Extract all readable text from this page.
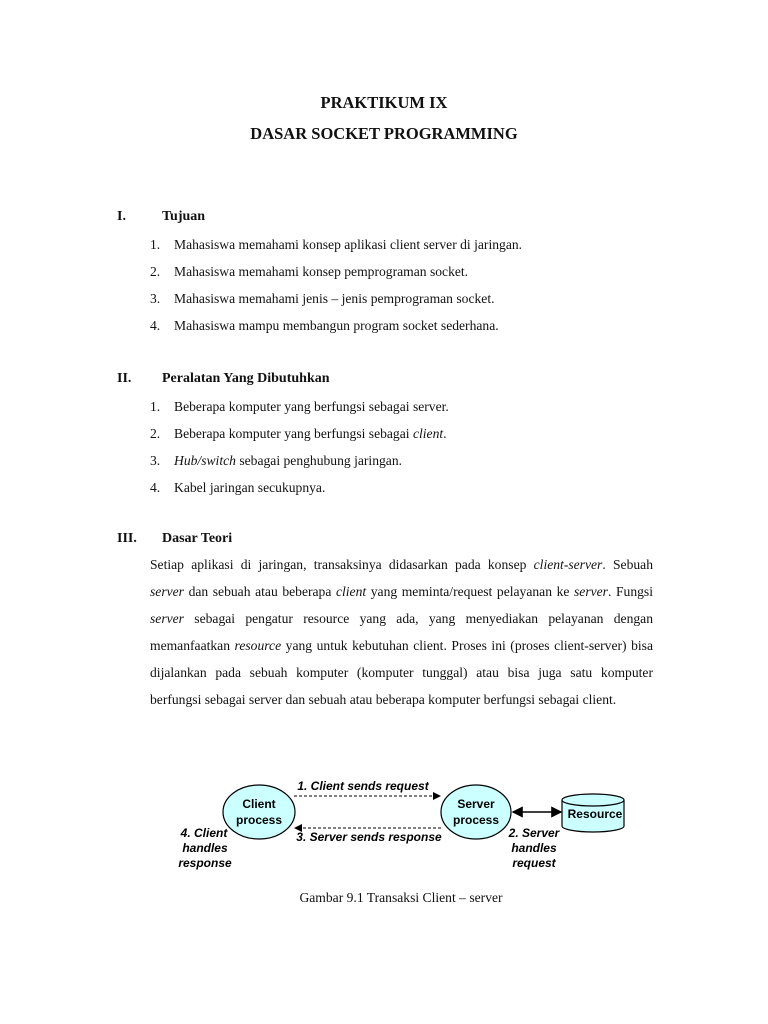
PRAKTIKUM IX
DASAR SOCKET PROGRAMMING
I.	Tujuan
1. Mahasiswa memahami konsep aplikasi client server di jaringan.
2. Mahasiswa memahami konsep pemprograman socket.
3. Mahasiswa memahami jenis – jenis pemprograman socket.
4. Mahasiswa mampu membangun program socket sederhana.
II. Peralatan Yang Dibutuhkan
1. Beberapa komputer yang berfungsi sebagai server.
2. Beberapa komputer yang berfungsi sebagai client.
3. Hub/switch sebagai penghubung jaringan.
4. Kabel jaringan secukupnya.
III. Dasar Teori

Setiap aplikasi di jaringan, transaksinya didasarkan pada konsep client-server. Sebuah server dan sebuah atau beberapa client yang meminta/request pelayanan ke server. Fungsi server sebagai pengatur resource yang ada, yang menyediakan pelayanan dengan memanfaatkan resource yang untuk kebutuhan client. Proses ini (proses client-server) bisa dijalankan pada sebuah komputer (komputer tunggal) atau bisa juga satu komputer berfungsi sebagai server dan sebuah atau beberapa komputer berfungsi sebagai client.

Client
process
Server
process
1. Client sends request
3. Server sends response
Resource
4. Client
handles
response
2. Server
handles
request
Gambar 9.1 Transaksi Client – server
